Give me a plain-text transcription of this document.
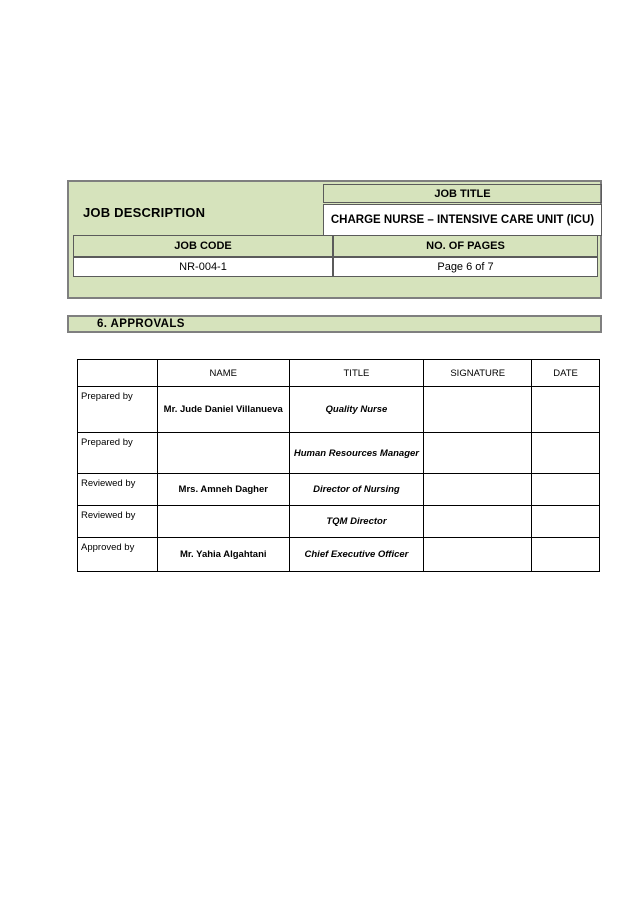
JOB DESCRIPTION
JOB TITLE
CHARGE NURSE – INTENSIVE CARE UNIT (ICU)
JOB CODE	NO. OF PAGES
NR-004-1	Page 6 of 7
6. APPROVALS
	NAME	TITLE	SIGNATURE	DATE
Prepared by	Mr. Jude Daniel Villanueva	Quality Nurse		
Prepared by		Human Resources Manager		
Reviewed by	Mrs. Amneh Dagher	Director of Nursing		
Reviewed by		TQM Director		
Approved by	Mr. Yahia Algahtani	Chief Executive Officer		
